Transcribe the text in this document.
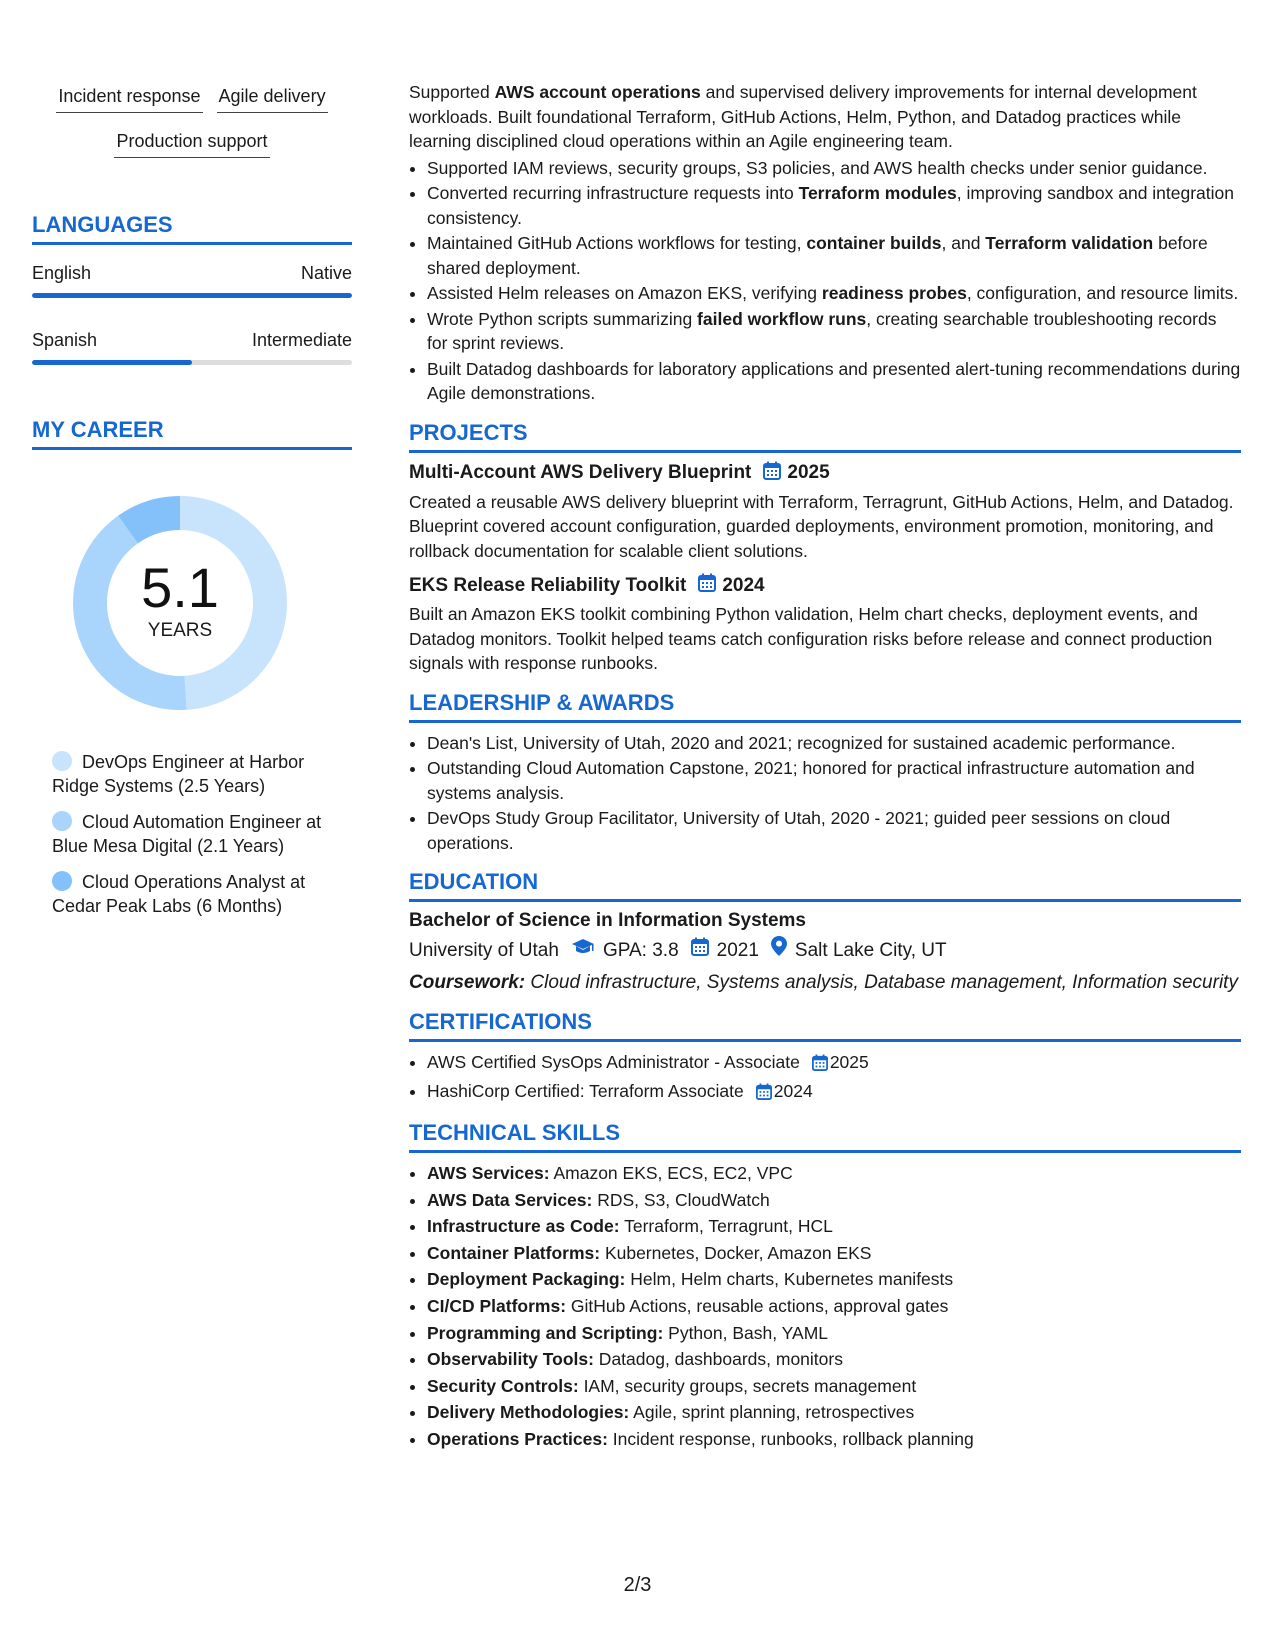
Incident response Agile delivery
Production support
LANGUAGES
English	Native
Spanish	Intermediate
MY CAREER
5.1
YEARS
DevOps Engineer at Harbor Ridge Systems (2.5 Years)
Cloud Automation Engineer at Blue Mesa Digital (2.1 Years)
Cloud Operations Analyst at Cedar Peak Labs (6 Months)

Supported AWS account operations and supervised delivery improvements for internal development workloads. Built foundational Terraform, GitHub Actions, Helm, Python, and Datadog practices while learning disciplined cloud operations within an Agile engineering team.

• Supported IAM reviews, security groups, S3 policies, and AWS health checks under senior guidance.
• Converted recurring infrastructure requests into Terraform modules, improving sandbox and integration consistency.
• Maintained GitHub Actions workflows for testing, container builds, and Terraform validation before shared deployment.
• Assisted Helm releases on Amazon EKS, verifying readiness probes, configuration, and resource limits.
• Wrote Python scripts summarizing failed workflow runs, creating searchable troubleshooting records for sprint reviews.
• Built Datadog dashboards for laboratory applications and presented alert-tuning recommendations during Agile demonstrations.
PROJECTS
Multi-Account AWS Delivery Blueprint 2025

Created a reusable AWS delivery blueprint with Terraform, Terragrunt, GitHub Actions, Helm, and Datadog. Blueprint covered account configuration, guarded deployments, environment promotion, monitoring, and rollback documentation for scalable client solutions.

EKS Release Reliability Toolkit 2024

Built an Amazon EKS toolkit combining Python validation, Helm chart checks, deployment events, and Datadog monitors. Toolkit helped teams catch configuration risks before release and connect production signals with response runbooks.

LEADERSHIP & AWARDS
• Dean's List, University of Utah, 2020 and 2021; recognized for sustained academic performance.
• Outstanding Cloud Automation Capstone, 2021; honored for practical infrastructure automation and systems analysis.
• DevOps Study Group Facilitator, University of Utah, 2020 - 2021; guided peer sessions on cloud operations.
EDUCATION
Bachelor of Science in Information Systems
University of Utah GPA: 3.8 2021 Salt Lake City, UT
Coursework: Cloud infrastructure, Systems analysis, Database management, Information security
CERTIFICATIONS
• AWS Certified SysOps Administrator - Associate 2025
• HashiCorp Certified: Terraform Associate 2024
TECHNICAL SKILLS
• AWS Services: Amazon EKS, ECS, EC2, VPC
• AWS Data Services: RDS, S3, CloudWatch
• Infrastructure as Code: Terraform, Terragrunt, HCL
• Container Platforms: Kubernetes, Docker, Amazon EKS
• Deployment Packaging: Helm, Helm charts, Kubernetes manifests
• CI/CD Platforms: GitHub Actions, reusable actions, approval gates
• Programming and Scripting: Python, Bash, YAML
• Observability Tools: Datadog, dashboards, monitors
• Security Controls: IAM, security groups, secrets management
• Delivery Methodologies: Agile, sprint planning, retrospectives
• Operations Practices: Incident response, runbooks, rollback planning
2/3
